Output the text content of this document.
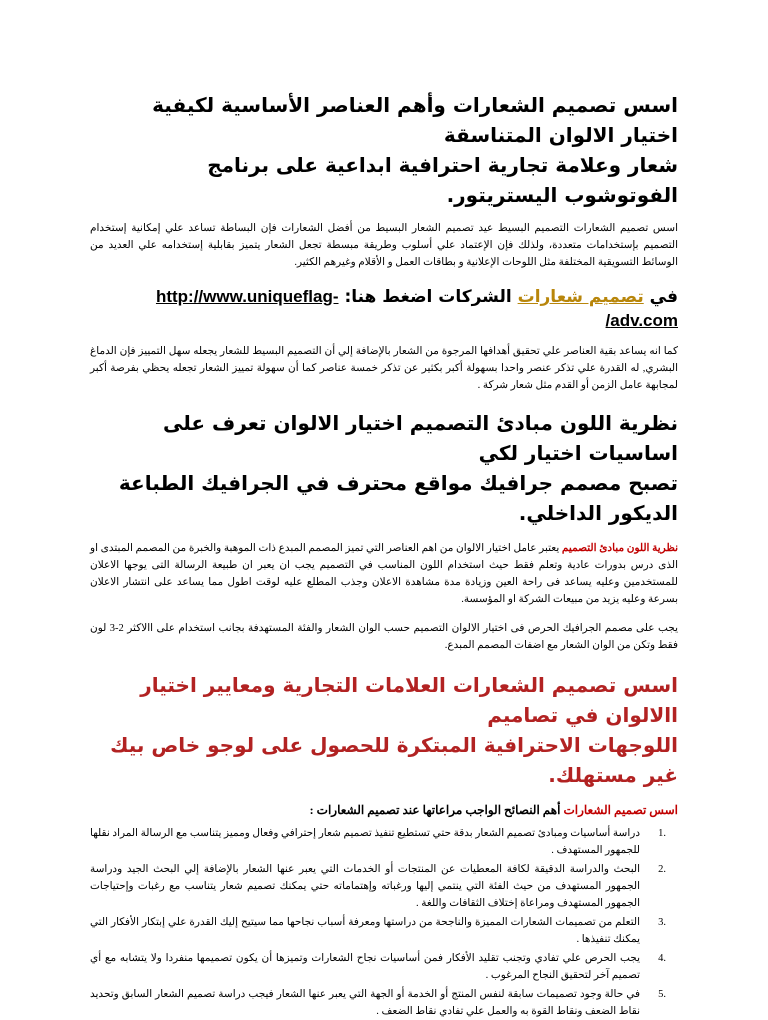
اسس تصميم الشعارات وأهم العناصر الأساسية لكيفية اختيار الالوان المتناسقة
شعار وعلامة تجارية احترافية ابداعية على برنامج الفوتوشوب اليستريتور.

اسس تصميم الشعارات التصميم البسيط عيد تصميم الشعار البسيط من أفضل الشعارات فإن البساطة تساعد علي إمكانية إستخدام التصميم بإستخدامات متعددة، ولذلك فإن الإعتماد علي أسلوب وطريقة مبسطة تجعل الشعار يتميز بقابلية إستخدامه علي العديد من الوسائط التسويقية المختلفة مثل اللوحات الإعلانية و بطاقات العمل و الأقلام وغيرهم الكثير.

في تصميم شعارات الشركات اضغط هنا: http://www.uniqueflag-adv.com/

كما انه يساعد بقية العناصر علي تحقيق أهدافها المرجوة من الشعار بالإضافة إلي أن التصميم البسيط للشعار يجعله سهل التمييز فإن الدماغ البشري, له القدرة علي تذكر عنصر واحدا بسهولة أكبر بكثير عن تذكر خمسة عناصر كما أن سهولة تمييز الشعار تجعله يحظي بفرصة أكبر لمجابهة عامل الزمن أو القدم مثل شعار شركة .

نظرية اللون مبادئ التصميم اختيار الالوان تعرف على اساسيات اختيار لكي
تصبح مصمم جرافيك مواقع محترف في الجرافيك الطباعة الديكور الداخلي.

نظرية اللون مبادئ التصميم يعتبر عامل اختيار الالوان من اهم العناصر التي تميز المصمم المبدع ذات الموهبة والخبرة من المصمم المبتدى او الذى درس بدورات عادية وتعلم فقط حيث استخدام اللون المناسب في التصميم يجب ان يعبر ان طبيعة الرسالة التى يوجها الاعلان للمستخدمين وعليه يساعد فى راحة العين وزيادة مدة مشاهدة الاعلان وجذب المطلع عليه لوقت اطول مما يساعد على انتشار الاعلان بسرعة وعليه يزيد من مبيعات الشركة او المؤسسة.

يجب على مصمم الجرافيك الحرص فى اختيار الالوان التصميم حسب الوان الشعار والفئة المستهدفة بجانب استخدام على االاكثر 2-3 لون فقط وتكن من الوان الشعار مع اضفات المصمم المبدع.

اسس تصميم الشعارات العلامات التجارية ومعايير اختيار االالوان في تصاميم
اللوجهات الاحترافية المبتكرة للحصول على لوجو خاص بيك غير مستهلك.

اسس تصميم الشعارات أهم النصائح الواجب مراعاتها عند تصميم الشعارات :

1.
دراسة أساسيات ومبادئ تصميم الشعار بدقة حتي تستطيع تنفيذ تصميم شعار إحترافي وفعال ومميز يتناسب مع الرسالة المراد نقلها للجمهور المستهدف .
2.
البحث والدراسة الدقيقة لكافة المعطيات عن المنتجات أو الخدمات التي يعبر عنها الشعار بالإضافة إلي البحث الجيد ودراسة الجمهور المستهدف من حيث الفئة التي ينتمي إليها ورغباته وإهتماماته حتي يمكنك تصميم شعار يتناسب مع رغبات وإحتياجات الجمهور المستهدف ومراعاة إختلاف الثقافات واللغة .
3.
التعلم من تصميمات الشعارات المميزة والناجحة من دراستها ومعرفة أسباب نجاحها مما سيتيح إليك القدرة علي إبتكار الأفكار التي يمكنك تنفيذها .
4.
يجب الحرص علي تفادي وتجنب تقليد الأفكار فمن أساسيات نجاح الشعارات وتميزها أن يكون تصميمها منفردا ولا يتشابه مع أي تصميم آخر لتحقيق النجاح المرغوب .
5.
في حالة وجود تصميمات سابقة لنفس المنتج أو الخدمة أو الجهة التي يعبر عنها الشعار فيجب دراسة تصميم الشعار السابق وتحديد نقاط الضعف ونقاط القوة به والعمل علي تفادي نقاط الضعف .
